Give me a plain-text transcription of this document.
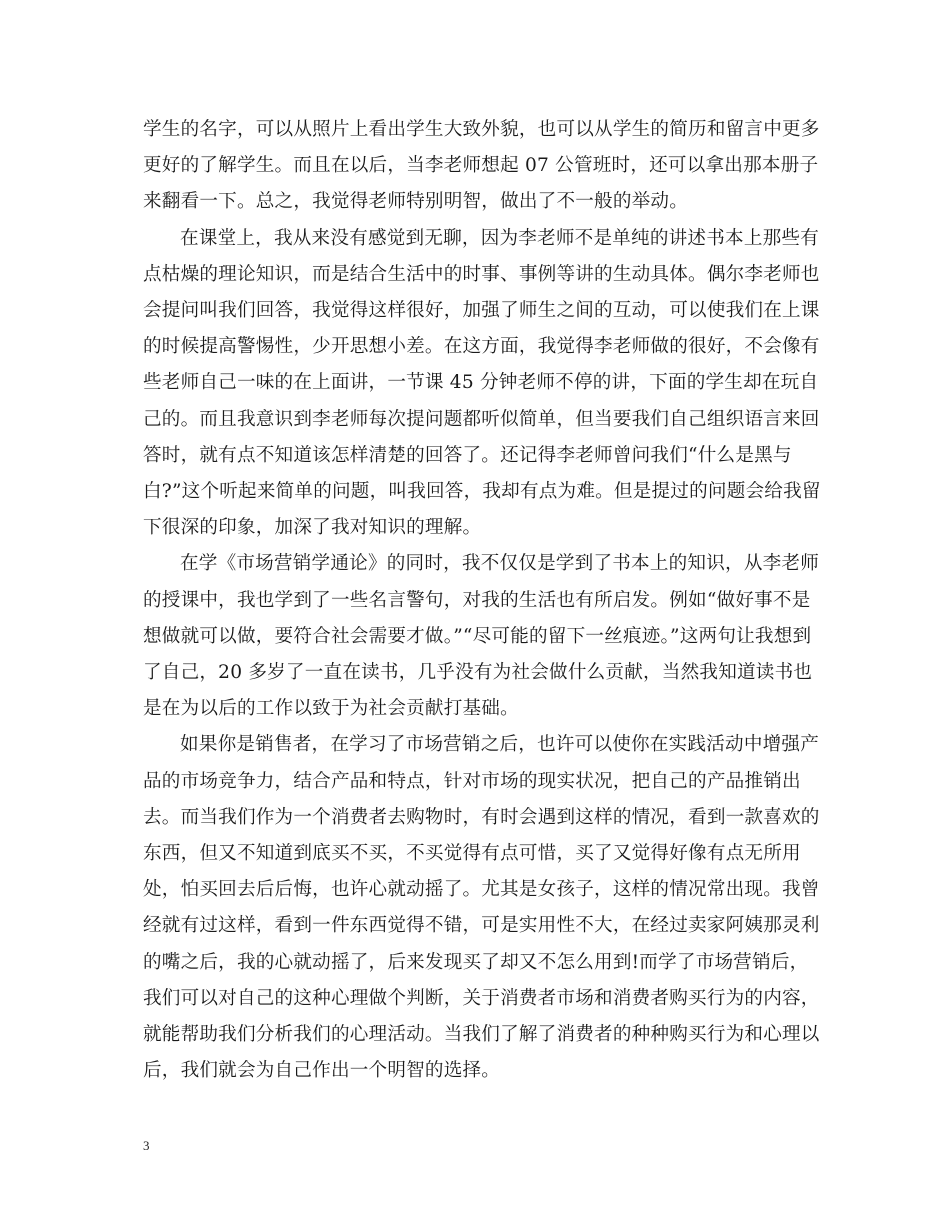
学生的名字，可以从照片上看出学生大致外貌，也可以从学生的简历和留言中更多更好的了解学生。而且在以后，当李老师想起 07 公管班时，还可以拿出那本册子来翻看一下。总之，我觉得老师特别明智，做出了不一般的举动。

在课堂上，我从来没有感觉到无聊，因为李老师不是单纯的讲述书本上那些有点枯燥的理论知识，而是结合生活中的时事、事例等讲的生动具体。偶尔李老师也会提问叫我们回答，我觉得这样很好，加强了师生之间的互动，可以使我们在上课的时候提高警惕性，少开思想小差。在这方面，我觉得李老师做的很好，不会像有些老师自己一味的在上面讲，一节课 45 分钟老师不停的讲，下面的学生却在玩自己的。而且我意识到李老师每次提问题都听似简单，但当要我们自己组织语言来回答时，就有点不知道该怎样清楚的回答了。还记得李老师曾问我们“什么是黑与白?”这个听起来简单的问题，叫我回答，我却有点为难。但是提过的问题会给我留下很深的印象，加深了我对知识的理解。

在学《市场营销学通论》的同时，我不仅仅是学到了书本上的知识，从李老师的授课中，我也学到了一些名言警句，对我的生活也有所启发。例如“做好事不是想做就可以做，要符合社会需要才做。”“尽可能的留下一丝痕迹。”这两句让我想到了自己，20 多岁了一直在读书，几乎没有为社会做什么贡献，当然我知道读书也是在为以后的工作以致于为社会贡献打基础。

如果你是销售者，在学习了市场营销之后，也许可以使你在实践活动中增强产品的市场竞争力，结合产品和特点，针对市场的现实状况，把自己的产品推销出去。而当我们作为一个消费者去购物时，有时会遇到这样的情况，看到一款喜欢的东西，但又不知道到底买不买，不买觉得有点可惜，买了又觉得好像有点无所用处，怕买回去后后悔，也许心就动摇了。尤其是女孩子，这样的情况常出现。我曾经就有过这样，看到一件东西觉得不错，可是实用性不大，在经过卖家阿姨那灵利的嘴之后，我的心就动摇了，后来发现买了却又不怎么用到!而学了市场营销后，我们可以对自己的这种心理做个判断，关于消费者市场和消费者购买行为的内容，就能帮助我们分析我们的心理活动。当我们了解了消费者的种种购买行为和心理以后，我们就会为自己作出一个明智的选择。

3
